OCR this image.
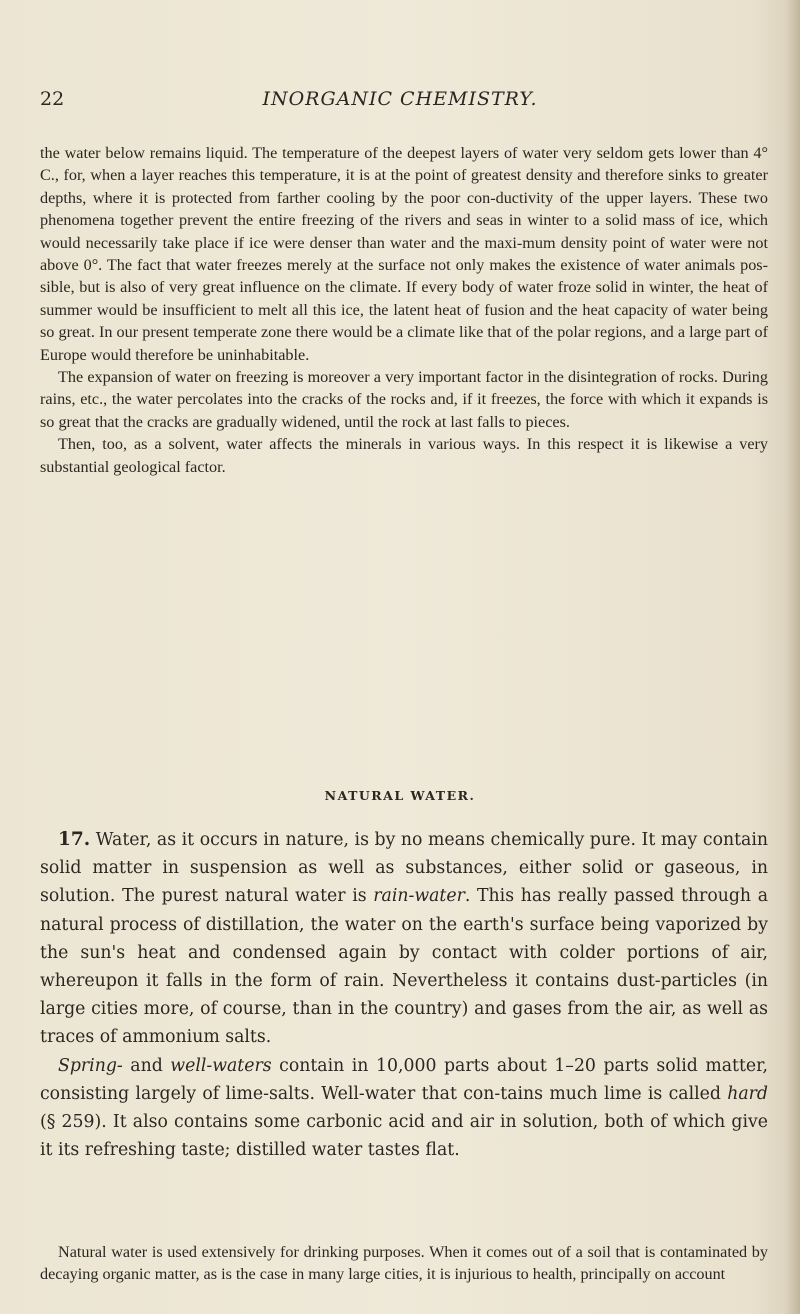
22	INORGANIC CHEMISTRY.

the water below remains liquid. The temperature of the deepest layers of water very seldom gets lower than 4° C., for, when a layer reaches this temperature, it is at the point of greatest density and therefore sinks to greater depths, where it is protected from farther cooling by the poor con-ductivity of the upper layers. These two phenomena together prevent the entire freezing of the rivers and seas in winter to a solid mass of ice, which would necessarily take place if ice were denser than water and the maxi-mum density point of water were not above 0°. The fact that water freezes merely at the surface not only makes the existence of water animals pos-sible, but is also of very great influence on the climate. If every body of water froze solid in winter, the heat of summer would be insufficient to melt all this ice, the latent heat of fusion and the heat capacity of water being so great. In our present temperate zone there would be a climate like that of the polar regions, and a large part of Europe would therefore be uninhabitable.

The expansion of water on freezing is moreover a very important factor in the disintegration of rocks. During rains, etc., the water percolates into the cracks of the rocks and, if it freezes, the force with which it expands is so great that the cracks are gradually widened, until the rock at last falls to pieces.

Then, too, as a solvent, water affects the minerals in various ways. In this respect it is likewise a very substantial geological factor.

NATURAL WATER.

17. Water, as it occurs in nature, is by no means chemically pure. It may contain solid matter in suspension as well as substances, either solid or gaseous, in solution. The purest natural water is rain-water. This has really passed through a natural process of distillation, the water on the earth's surface being vaporized by the sun's heat and condensed again by contact with colder portions of air, whereupon it falls in the form of rain. Nevertheless it contains dust-particles (in large cities more, of course, than in the country) and gases from the air, as well as traces of ammonium salts.

Spring- and well-waters contain in 10,000 parts about 1–20 parts solid matter, consisting largely of lime-salts. Well-water that con-tains much lime is called hard (§ 259). It also contains some carbonic acid and air in solution, both of which give it its refreshing taste; distilled water tastes flat.

Natural water is used extensively for drinking purposes. When it comes out of a soil that is contaminated by decaying organic matter, as is the case in many large cities, it is injurious to health, principally on account
